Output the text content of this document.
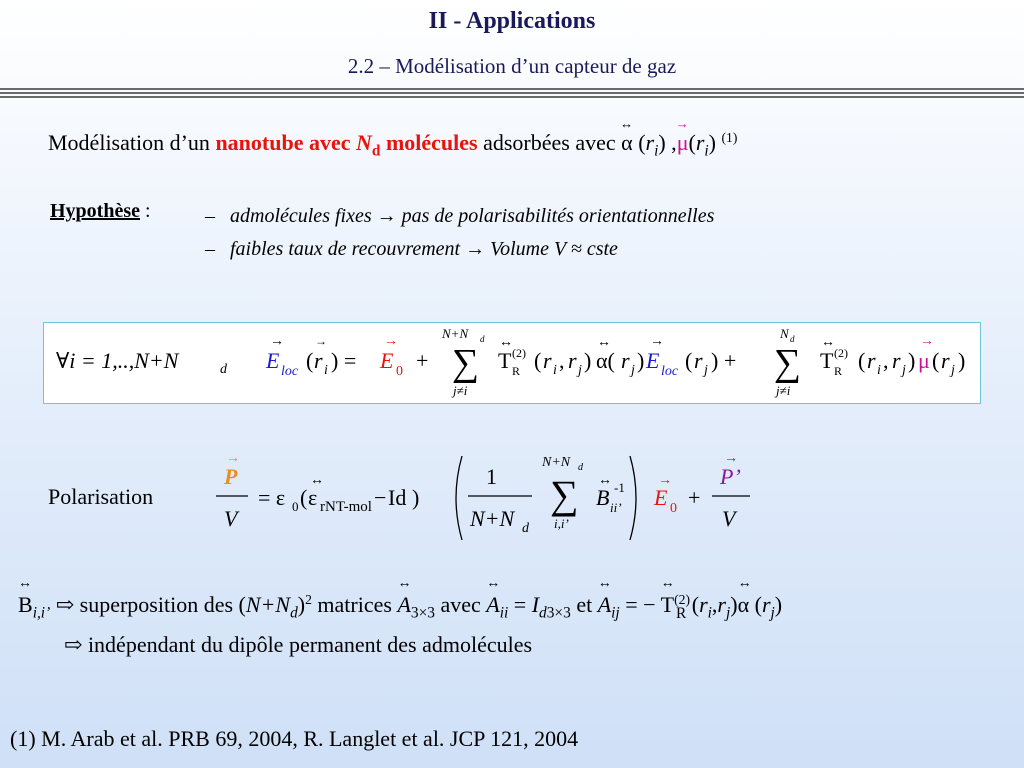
II - Applications
2.2 – Modélisation d’un capteur de gaz
Modélisation d’un nanotube avec $N_d$ molécules adsorbées avec α
↔
$(r_i)$ ,μ
→
$(r_i)$ $^{(1)}$
Hypothèse :	– admolécules fixes → pas de polarisabilités orientationnelles
– faibles taux de recouvrement → Volume V ≈ cste
∀i = 1,..,N+N	d
→
E loc (
→
r i ) =
→
E 0 +
N+N d
∑
j≠i
↔
T (2)
R ( r i , r j )
↔
α( r j )
→
E loc ( r j ) +
N d
∑
j≠i
↔
T (2)
R ( r i , r j )
→
μ ( r j )
Polarisation
→
P
V
= ε 0 (
↔
ε rNT-mol − Id )
1
N+N d
N+N d
∑
i,i’
↔
B ii’
-1 →
E 0 +
→
P’
V
B
↔
$_{i,i’}$ ⇨ superposition des $(N+N_d)^2$ matrices A
↔
$_{3\times 3}$ avec A
↔
$_{ii} = I_{d3\times 3}$ et A
↔
$_{ij}$ = − T
↔
$^{(2)}_R$ $(r_i,r_j)\alpha$
↔
$(r_j)$
⇨ indépendant du dipôle permanent des admolécules
(1) M. Arab et al. PRB 69, 2004, R. Langlet et al. JCP 121, 2004
